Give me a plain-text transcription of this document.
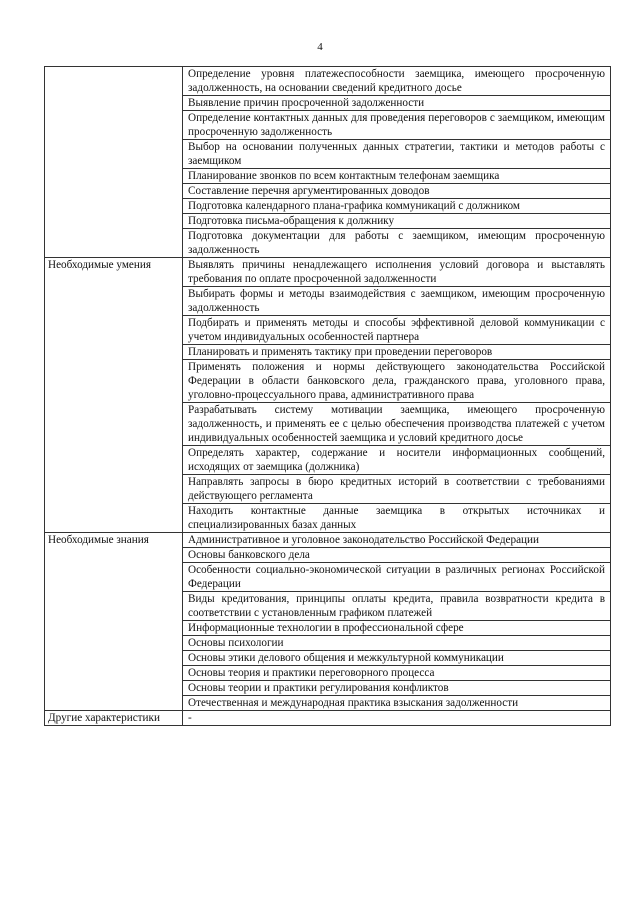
4
	Определение уровня платежеспособности заемщика, имеющего просроченную задолженность, на основании сведений кредитного досье
	Выявление причин просроченной задолженности
	Определение контактных данных для проведения переговоров с заемщиком, имеющим просроченную задолженность
	Выбор на основании полученных данных стратегии, тактики и методов работы с заемщиком
	Планирование звонков по всем контактным телефонам заемщика
	Составление перечня аргументированных доводов
	Подготовка календарного плана-графика коммуникаций с должником
	Подготовка письма-обращения к должнику
	Подготовка документации для работы с заемщиком, имеющим просроченную задолженность
Необходимые умения	Выявлять причины ненадлежащего исполнения условий договора и выставлять требования по оплате просроченной задолженности
	Выбирать формы и методы взаимодействия с заемщиком, имеющим просроченную задолженность
	Подбирать и применять методы и способы эффективной деловой коммуникации с учетом индивидуальных особенностей партнера
	Планировать и применять тактику при проведении переговоров
	Применять положения и нормы действующего законодательства Российской Федерации в области банковского дела, гражданского права, уголовного права, уголовно-процессуального права, административного права
	Разрабатывать систему мотивации заемщика, имеющего просроченную задолженность, и применять ее с целью обеспечения производства платежей с учетом индивидуальных особенностей заемщика и условий кредитного досье
	Определять характер, содержание и носители информационных сообщений, исходящих от заемщика (должника)
	Направлять запросы в бюро кредитных историй в соответствии с требованиями действующего регламента
	Находить контактные данные заемщика в открытых источниках и специализированных базах данных
Необходимые знания	Административное и уголовное законодательство Российской Федерации
	Основы банковского дела
	Особенности социально-экономической ситуации в различных регионах Российской Федерации
	Виды кредитования, принципы оплаты кредита, правила возвратности кредита в соответствии с установленным графиком платежей
	Информационные технологии в профессиональной сфере
	Основы психологии
	Основы этики делового общения и межкультурной коммуникации
	Основы теория и практики переговорного процесса
	Основы теории и практики регулирования конфликтов
	Отечественная и международная практика взыскания задолженности
Другие характеристики	-
